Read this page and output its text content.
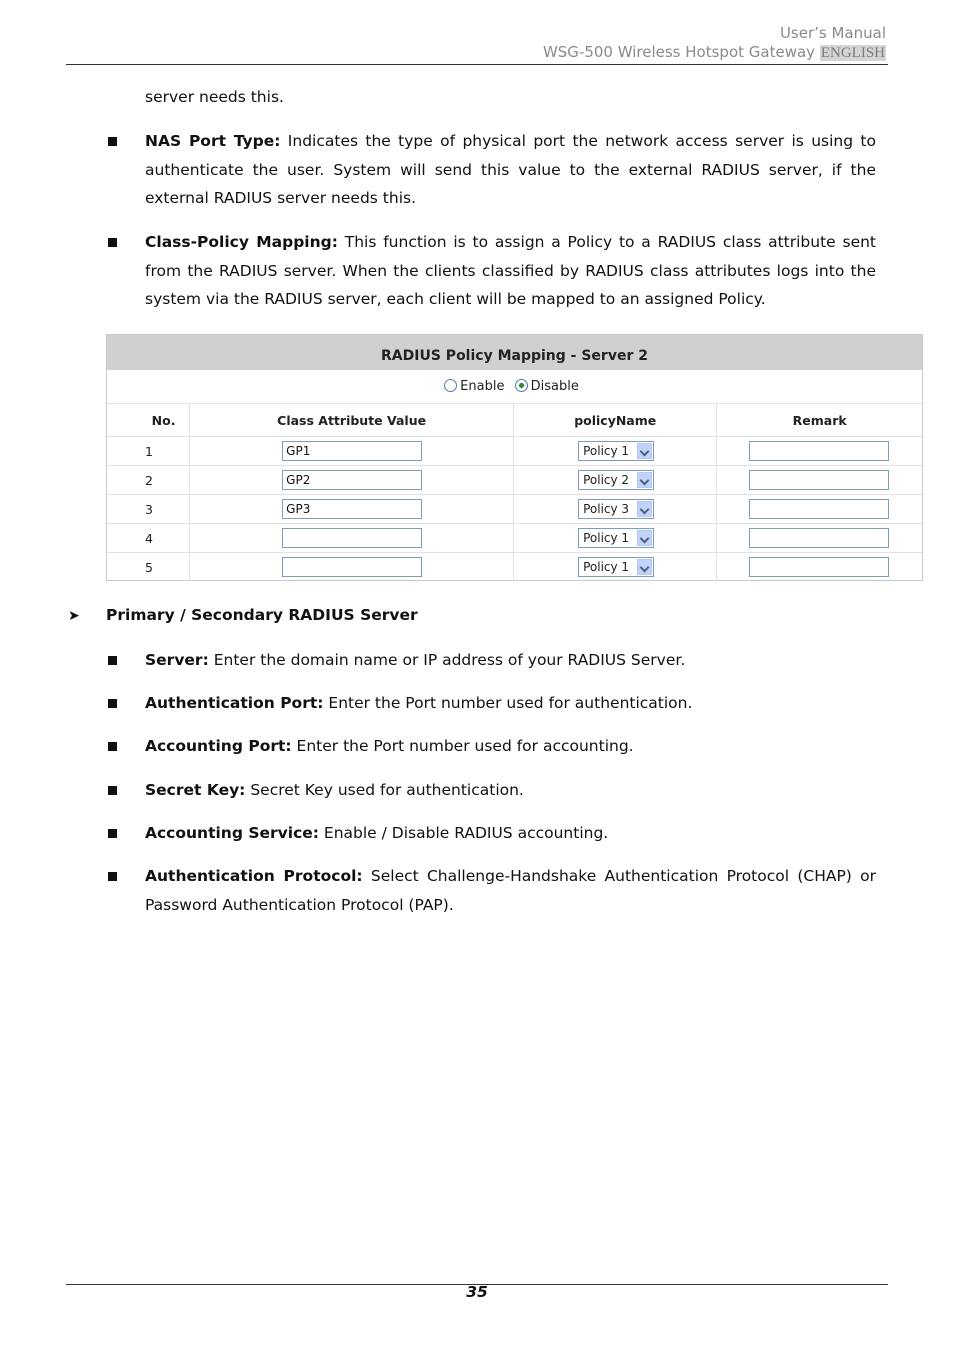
User’s Manual
WSG-500 Wireless Hotspot Gateway ENGLISH
server needs this.
NAS Port Type: Indicates the type of physical port the network access server is using to authenticate the user. System will send this value to the external RADIUS server, if the external RADIUS server needs this.
Class-Policy Mapping: This function is to assign a Policy to a RADIUS class attribute sent from the RADIUS server. When the clients classified by RADIUS class attributes logs into the system via the RADIUS server, each client will be mapped to an assigned Policy.
RADIUS Policy Mapping - Server 2
Enable Disable
No.	Class Attribute Value	policyName	Remark
1	GP1	Policy 1	

2	GP2	Policy 2	

3	GP3	Policy 3	

4		Policy 1	

5		Policy 1	

➤ Primary / Secondary RADIUS Server
Server: Enter the domain name or IP address of your RADIUS Server.
Authentication Port: Enter the Port number used for authentication.
Accounting Port: Enter the Port number used for accounting.
Secret Key: Secret Key used for authentication.
Accounting Service: Enable / Disable RADIUS accounting.
Authentication Protocol: Select Challenge-Handshake Authentication Protocol (CHAP) or Password Authentication Protocol (PAP).
35
